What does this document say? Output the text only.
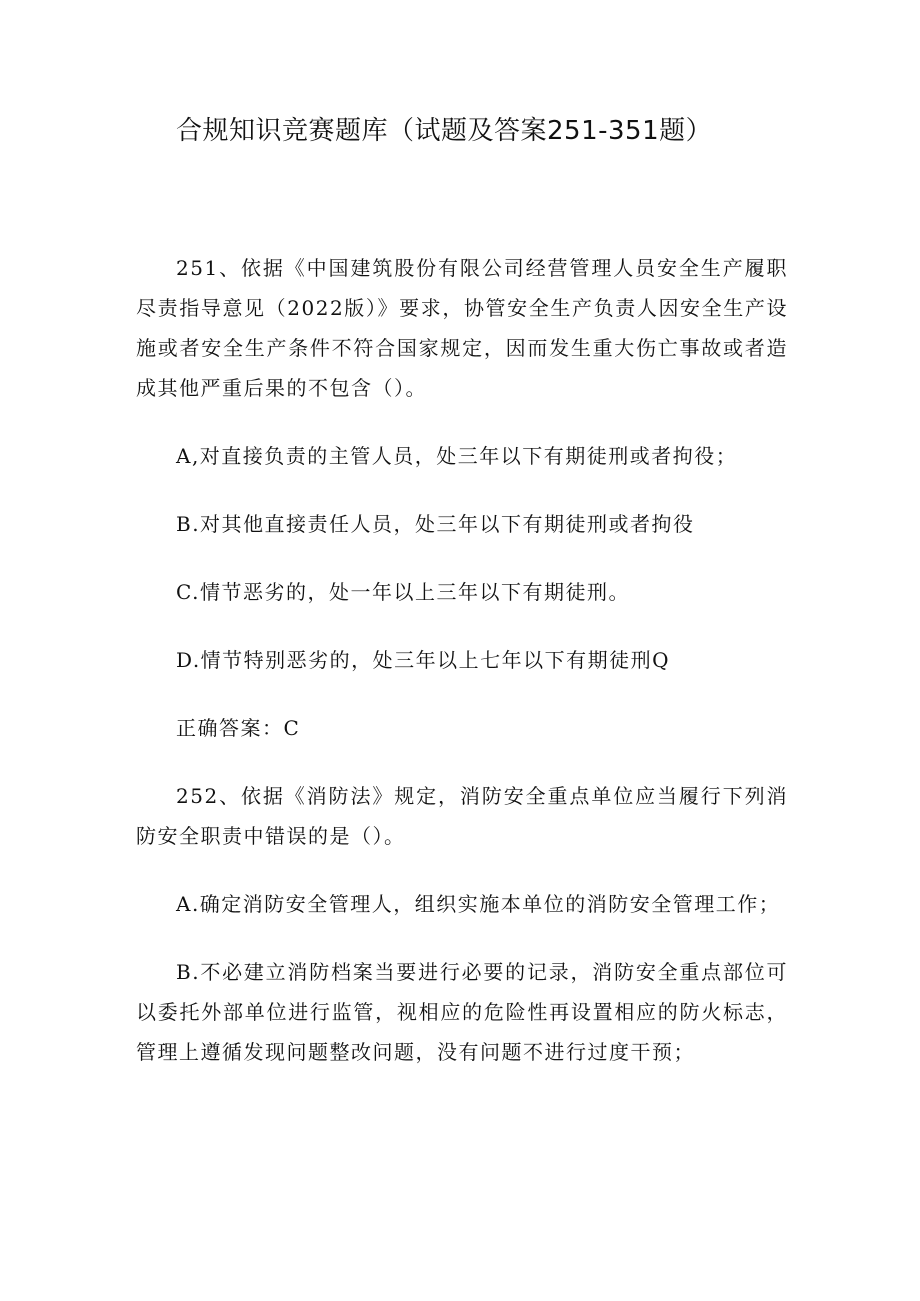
合规知识竞赛题库（试题及答案251-351题）

251、依据《中国建筑股份有限公司经营管理人员安全生产履职尽责指导意见（2022版）》要求，协管安全生产负责人因安全生产设施或者安全生产条件不符合国家规定，因而发生重大伤亡事故或者造成其他严重后果的不包含（）。

A,对直接负责的主管人员，处三年以下有期徒刑或者拘役；

B.对其他直接责任人员，处三年以下有期徒刑或者拘役

C.情节恶劣的，处一年以上三年以下有期徒刑。

D.情节特别恶劣的，处三年以上七年以下有期徒刑Q

正确答案：C

252、依据《消防法》规定，消防安全重点单位应当履行下列消防安全职责中错误的是（）。

A.确定消防安全管理人，组织实施本单位的消防安全管理工作；

B.不必建立消防档案当要进行必要的记录，消防安全重点部位可以委托外部单位进行监管，视相应的危险性再设置相应的防火标志，管理上遵循发现问题整改问题，没有问题不进行过度干预；
